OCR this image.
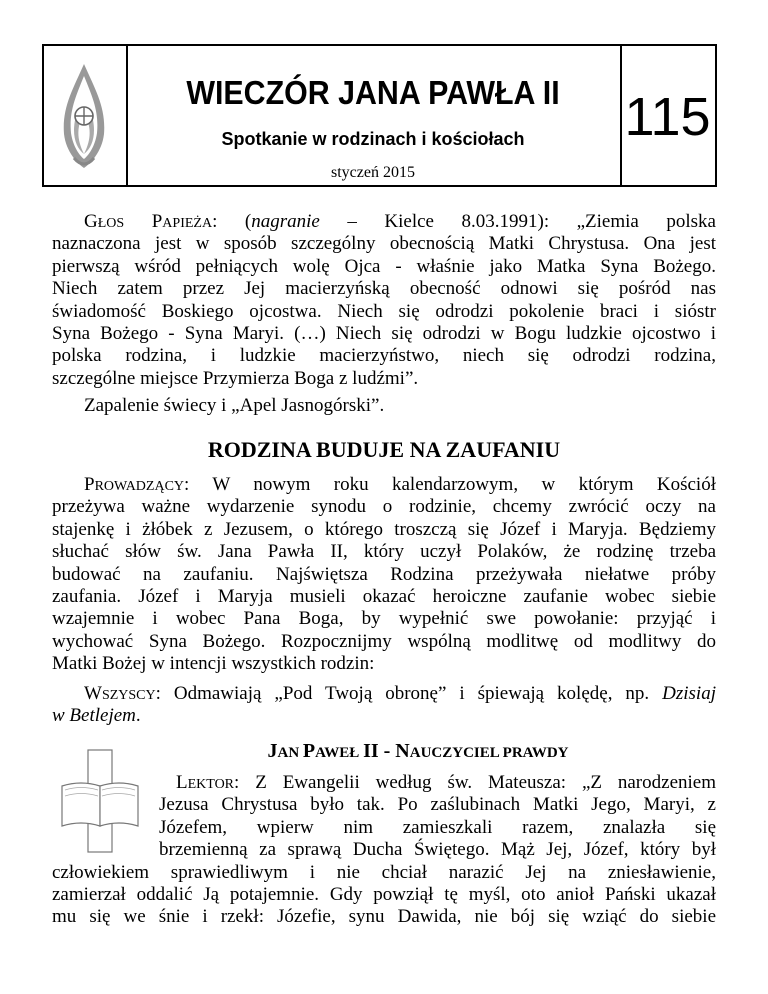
WIECZÓR JANA PAWŁA II
Spotkanie w rodzinach i kościołach
styczeń 2015
115
GŁOS PAPIEŻA: (nagranie – Kielce 8.03.1991): „Ziemia polska
naznaczona jest w sposób szczególny obecnością Matki Chrystusa. Ona jest
pierwszą wśród pełniących wolę Ojca - właśnie jako Matka Syna Bożego.
Niech zatem przez Jej macierzyńską obecność odnowi się pośród nas
świadomość Boskiego ojcostwa. Niech się odrodzi pokolenie braci i sióstr
Syna Bożego - Syna Maryi. (…) Niech się odrodzi w Bogu ludzkie ojcostwo i
polska rodzina, i ludzkie macierzyństwo, niech się odrodzi rodzina,
szczególne miejsce Przymierza Boga z ludźmi”.
Zapalenie świecy i „Apel Jasnogórski”.
RODZINA BUDUJE NA ZAUFANIU
PROWADZĄCY: W nowym roku kalendarzowym, w którym Kościół
przeżywa ważne wydarzenie synodu o rodzinie, chcemy zwrócić oczy na
stajenkę i żłóbek z Jezusem, o którego troszczą się Józef i Maryja. Będziemy
słuchać słów św. Jana Pawła II, który uczył Polaków, że rodzinę trzeba
budować na zaufaniu. Najświętsza Rodzina przeżywała niełatwe próby
zaufania. Józef i Maryja musieli okazać heroiczne zaufanie wobec siebie
wzajemnie i wobec Pana Boga, by wypełnić swe powołanie: przyjąć i
wychować Syna Bożego. Rozpocznijmy wspólną modlitwę od modlitwy do
Matki Bożej w intencji wszystkich rodzin:
WSZYSCY: Odmawiają „Pod Twoją obronę” i śpiewają kolędę, np. Dzisiaj
w Betlejem.
JAN PAWEŁ II - NAUCZYCIEL PRAWDY
LEKTOR: Z Ewangelii według św. Mateusza: „Z narodzeniem
Jezusa Chrystusa było tak. Po zaślubinach Matki Jego, Maryi, z
Józefem, wpierw nim zamieszkali razem, znalazła się
brzemienną za sprawą Ducha Świętego. Mąż Jej, Józef, który był
człowiekiem sprawiedliwym i nie chciał narazić Jej na zniesławienie,
zamierzał oddalić Ją potajemnie. Gdy powziął tę myśl, oto anioł Pański ukazał
mu się we śnie i rzekł: Józefie, synu Dawida, nie bój się wziąć do siebie
